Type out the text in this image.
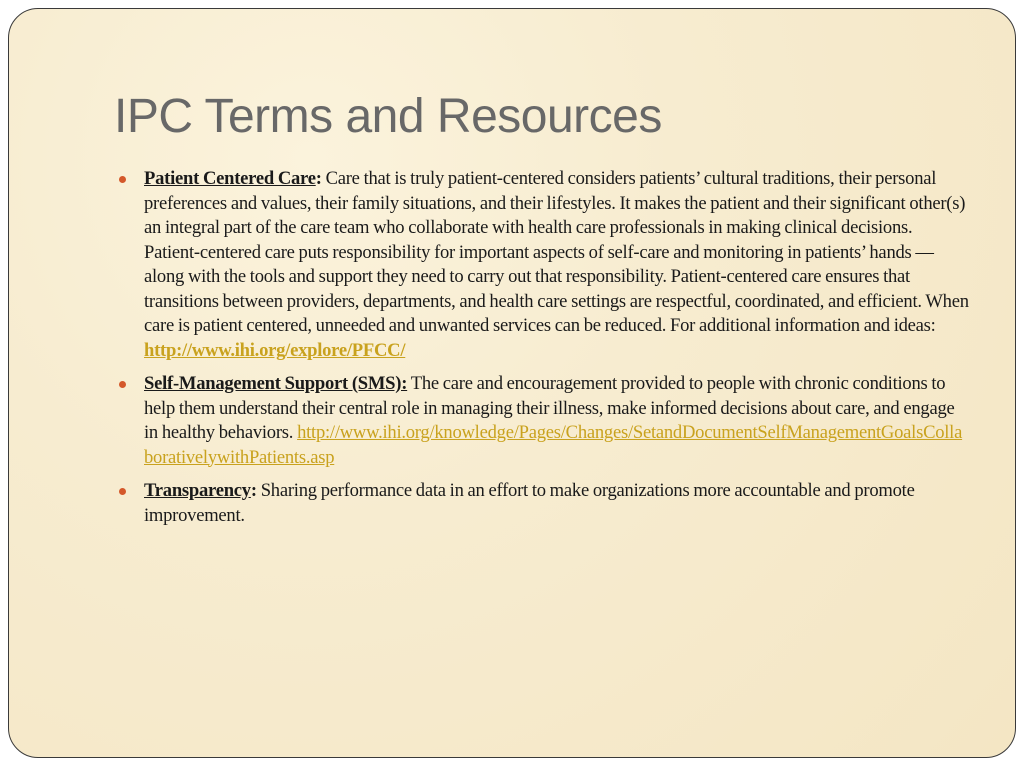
IPC Terms and Resources
Patient Centered Care: Care that is truly patient-centered considers patients’ cultural traditions, their personal preferences and values, their family situations, and their lifestyles. It makes the patient and their significant other(s) an integral part of the care team who collaborate with health care professionals in making clinical decisions. Patient-centered care puts responsibility for important aspects of self-care and monitoring in patients’ hands — along with the tools and support they need to carry out that responsibility. Patient-centered care ensures that transitions between providers, departments, and health care settings are respectful, coordinated, and efficient. When care is patient centered, unneeded and unwanted services can be reduced. For additional information and ideas: http://www.ihi.org/explore/PFCC/
Self-Management Support (SMS): The care and encouragement provided to people with chronic conditions to help them understand their central role in managing their illness, make informed decisions about care, and engage in healthy behaviors. http://www.ihi.org/knowledge/Pages/Changes/SetandDocumentSelfManagementGoalsCollaborativelywithPatients.asp
Transparency: Sharing performance data in an effort to make organizations more accountable and promote improvement.
